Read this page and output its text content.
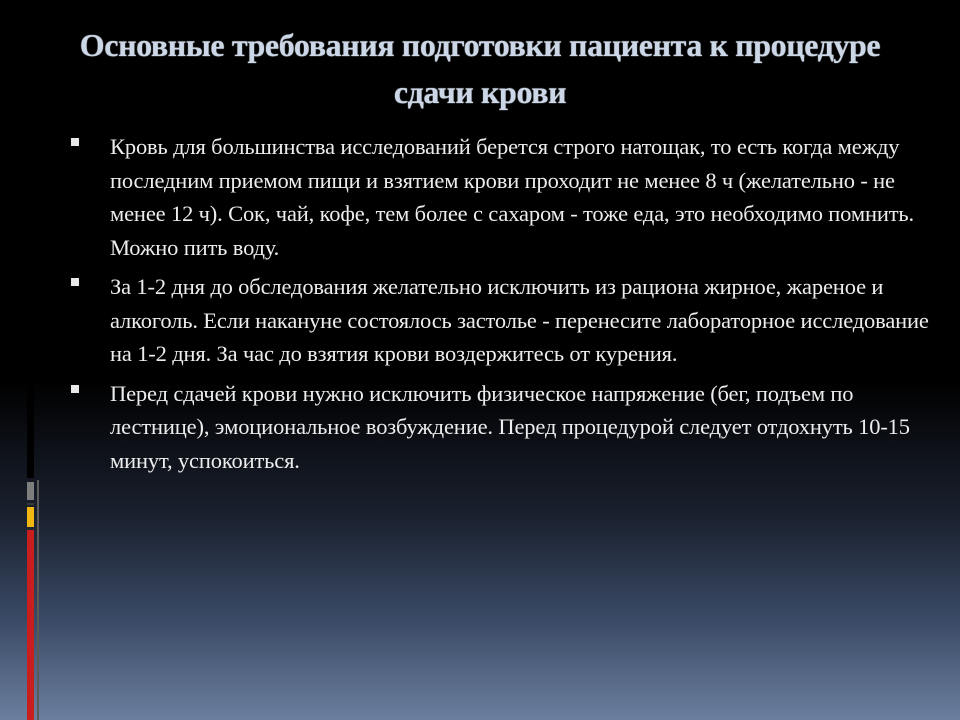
Основные требования подготовки пациента к процедуре сдачи крови
Кровь для большинства исследований берется строго натощак, то есть когда между последним приемом пищи и взятием крови проходит не менее 8 ч (желательно - не менее 12 ч). Сок, чай, кофе, тем более с сахаром - тоже еда, это необходимо помнить. Можно пить воду.
За 1-2 дня до обследования желательно исключить из рациона жирное, жареное и алкоголь. Если накануне состоялось застолье - перенесите лабораторное исследование на 1-2 дня. За час до взятия крови воздержитесь от курения.
Перед сдачей крови нужно исключить физическое напряжение (бег, подъем по лестнице), эмоциональное возбуждение. Перед процедурой следует отдохнуть 10-15 минут, успокоиться.
